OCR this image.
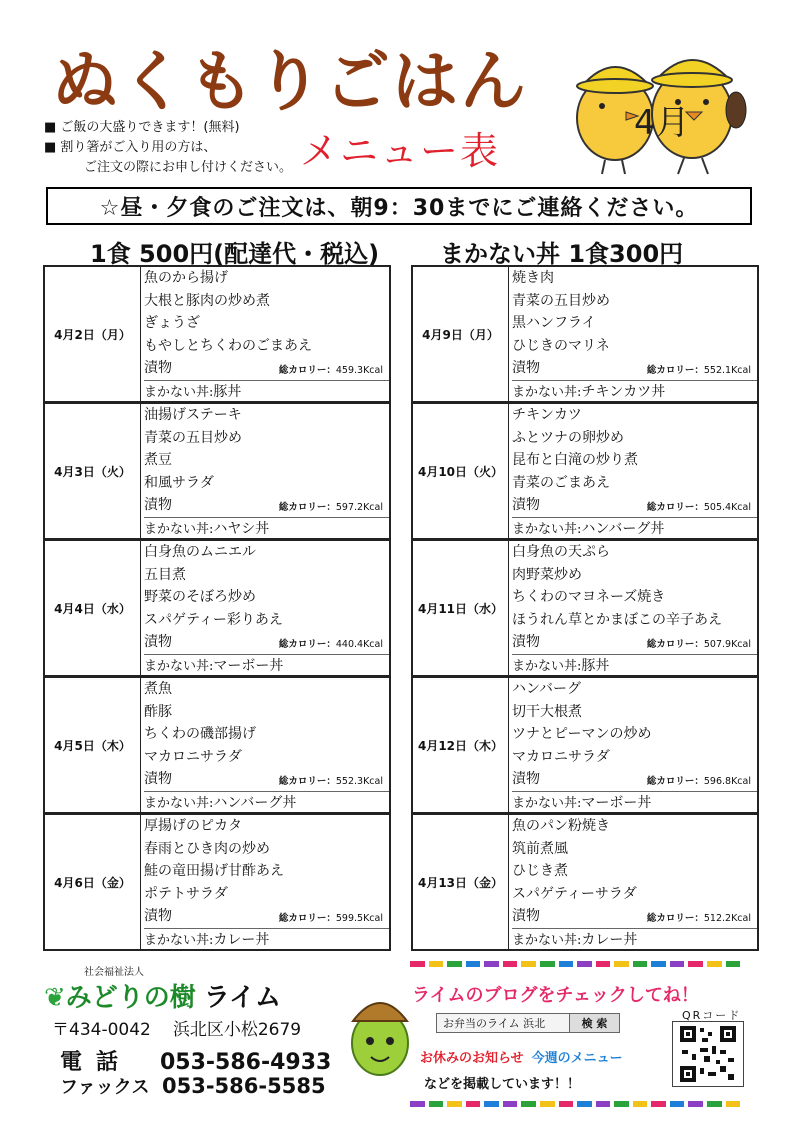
ぬくもりごはん
メニュー表
■ ご飯の大盛りできます！(無料)
■ 割り箸がご入り用の方は、
ご注文の際にお申し付けください。
4月
☆昼・夕食のご注文は、朝9：30までにご連絡ください。
1食 500円(配達代・税込)	まかない丼 1食300円
4月2日（月）
魚のから揚げ
大根と豚肉の炒め煮
ぎょうざ
もやしとちくわのごまあえ
漬物	総カロリー：459.3Kcal
まかない丼:豚丼
4月3日（火）
油揚げステーキ
青菜の五目炒め
煮豆
和風サラダ
漬物	総カロリー：597.2Kcal
まかない丼:ハヤシ丼
4月4日（水）
白身魚のムニエル
五目煮
野菜のそぼろ炒め
スパゲティー彩りあえ
漬物	総カロリー：440.4Kcal
まかない丼:マーボー丼
4月5日（木）
煮魚
酢豚
ちくわの磯部揚げ
マカロニサラダ
漬物	総カロリー：552.3Kcal
まかない丼:ハンバーグ丼
4月6日（金）
厚揚げのピカタ
春雨とひき肉の炒め
鮭の竜田揚げ甘酢あえ
ポテトサラダ
漬物	総カロリー：599.5Kcal
まかない丼:カレー丼
4月9日（月）
焼き肉
青菜の五目炒め
黒ハンフライ
ひじきのマリネ
漬物	総カロリー：552.1Kcal
まかない丼:チキンカツ丼
4月10日（火）
チキンカツ
ふとツナの卵炒め
昆布と白滝の炒り煮
青菜のごまあえ
漬物	総カロリー：505.4Kcal
まかない丼:ハンバーグ丼
4月11日（水）
白身魚の天ぷら
肉野菜炒め
ちくわのマヨネーズ焼き
ほうれん草とかまぼこの辛子あえ
漬物	総カロリー：507.9Kcal
まかない丼:豚丼
4月12日（木）
ハンバーグ
切干大根煮
ツナとピーマンの炒め
マカロニサラダ
漬物	総カロリー：596.8Kcal
まかない丼:マーボー丼
4月13日（金）
魚のパン粉焼き
筑前煮風
ひじき煮
スパゲティーサラダ
漬物	総カロリー：512.2Kcal
まかない丼:カレー丼
社会福祉法人
❦みどりの樹 ライム
〒434-0042 浜北区小松2679
電話 053-586-4933
ファックス 053-586-5585
ライムのブログをチェックしてね！
お弁当のライム 浜北	検 索
お休みのお知らせ 今週のメニュー
などを掲載しています！！
QRコード
